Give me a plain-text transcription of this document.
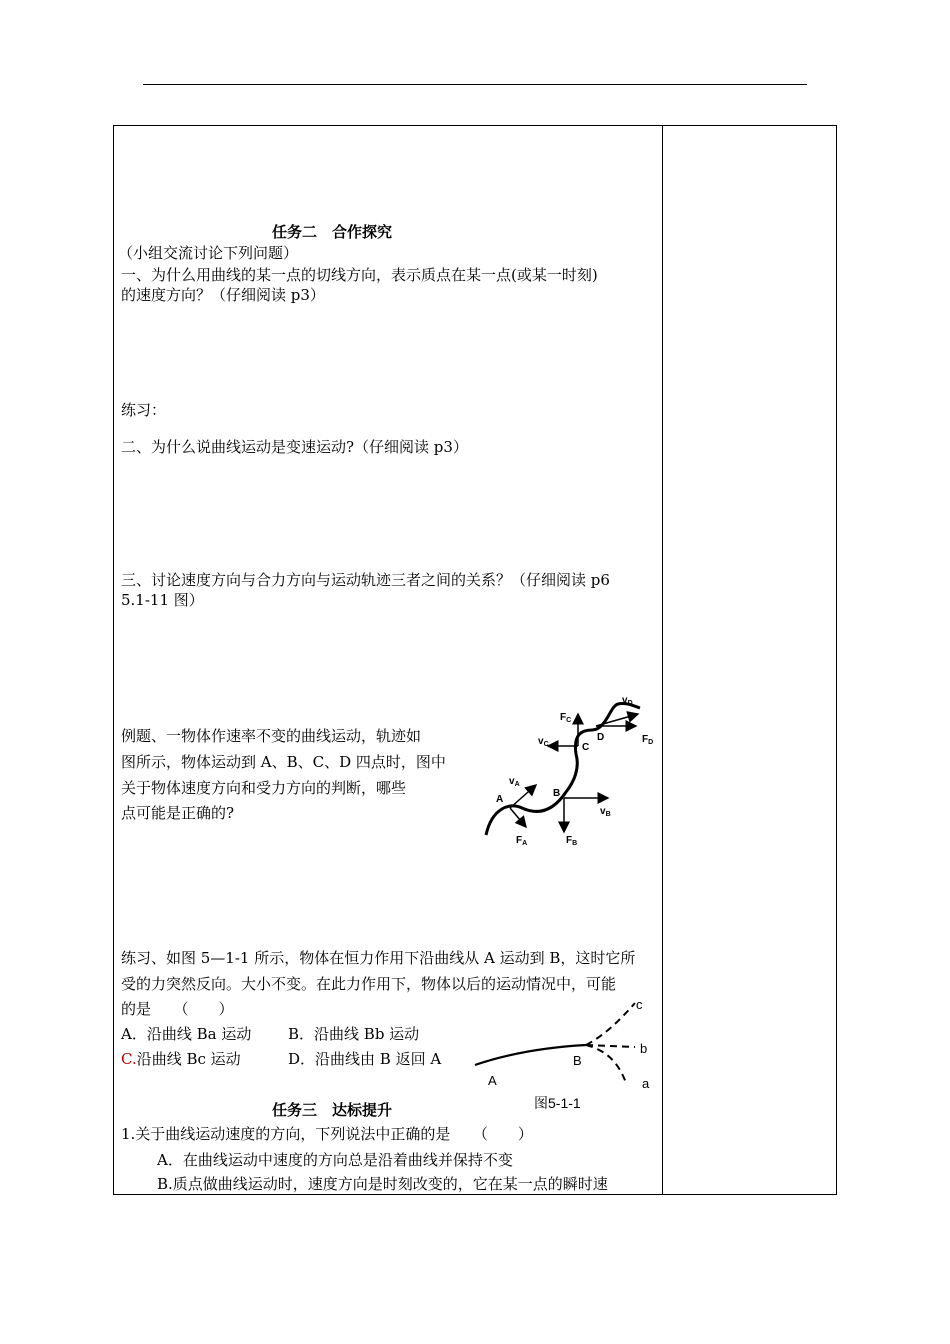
任务二　合作探究
（小组交流讨论下列问题）
一、为什么用曲线的某一点的切线方向，表示质点在某一点(或某一时刻)
的速度方向？（仔细阅读 p3）
练习：
二、为什么说曲线运动是变速运动?（仔细阅读 p3）
三、讨论速度方向与合力方向与运动轨迹三者之间的关系？（仔细阅读 p6
5.1-11 图）
例题、一物体作速率不变的曲线运动，轨迹如
图所示，物体运动到 A、B、C、D 四点时，图中
关于物体速度方向和受力方向的判断，哪些
点可能是正确的?
A
B
C
D
$v_A$
$v_B$
$v_C$
$v_D$
$F_A$	$F_B$
$F_C$
$F_D$
练习、如图 5—1-1 所示，物体在恒力作用下沿曲线从 A 运动到 B，这时它所
受的力突然反向。大小不变。在此力作用下，物体以后的运动情况中，可能
的是　　（　　）
A．沿曲线 Ba 运动 B．沿曲线 Bb 运动
C.沿曲线 Bc 运动	D．沿曲线由 B 返回 A
A
B
a
b
c
图5-1-1
任务三　达标提升
1.关于曲线运动速度的方向，下列说法中正确的是　　（　　）
A．在曲线运动中速度的方向总是沿着曲线并保持不变
B.质点做曲线运动时，速度方向是时刻改变的，它在某一点的瞬时速
